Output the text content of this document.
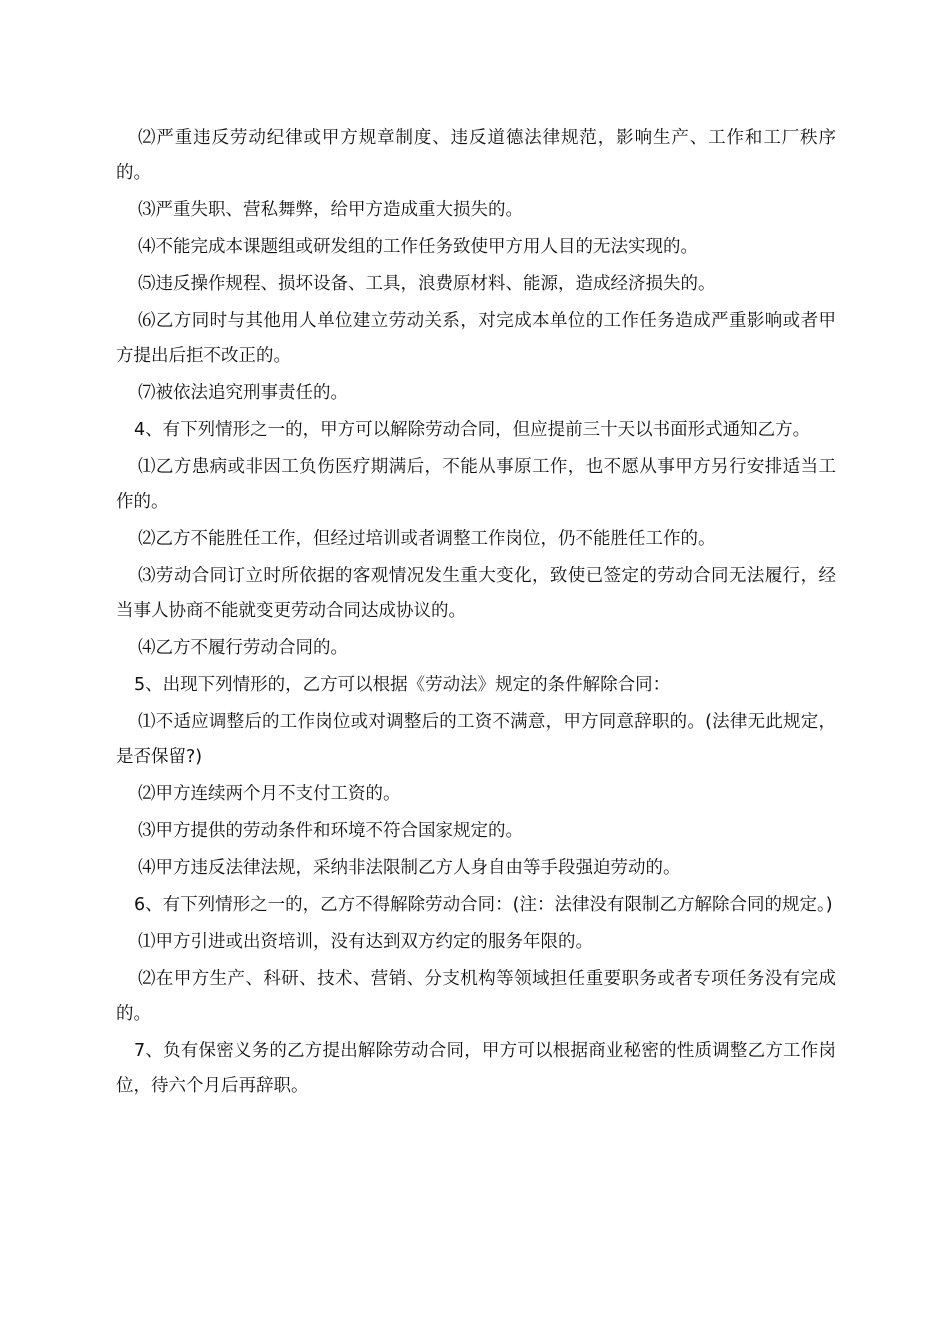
⑵严重违反劳动纪律或甲方规章制度、违反道德法律规范，影响生产、工作和工厂秩序的。

⑶严重失职、营私舞弊，给甲方造成重大损失的。

⑷不能完成本课题组或研发组的工作任务致使甲方用人目的无法实现的。

⑸违反操作规程、损坏设备、工具，浪费原材料、能源，造成经济损失的。

⑹乙方同时与其他用人单位建立劳动关系，对完成本单位的工作任务造成严重影响或者甲方提出后拒不改正的。

⑺被依法追究刑事责任的。

4、有下列情形之一的，甲方可以解除劳动合同，但应提前三十天以书面形式通知乙方。

⑴乙方患病或非因工负伤医疗期满后，不能从事原工作，也不愿从事甲方另行安排适当工作的。

⑵乙方不能胜任工作，但经过培训或者调整工作岗位，仍不能胜任工作的。

⑶劳动合同订立时所依据的客观情况发生重大变化，致使已签定的劳动合同无法履行，经当事人协商不能就变更劳动合同达成协议的。

⑷乙方不履行劳动合同的。

5、出现下列情形的，乙方可以根据《劳动法》规定的条件解除合同：

⑴不适应调整后的工作岗位或对调整后的工资不满意，甲方同意辞职的。(法律无此规定，是否保留?)

⑵甲方连续两个月不支付工资的。

⑶甲方提供的劳动条件和环境不符合国家规定的。

⑷甲方违反法律法规，采纳非法限制乙方人身自由等手段强迫劳动的。

6、有下列情形之一的，乙方不得解除劳动合同：(注：法律没有限制乙方解除合同的规定。)

⑴甲方引进或出资培训，没有达到双方约定的服务年限的。

⑵在甲方生产、科研、技术、营销、分支机构等领域担任重要职务或者专项任务没有完成的。

7、负有保密义务的乙方提出解除劳动合同，甲方可以根据商业秘密的性质调整乙方工作岗位，待六个月后再辞职。
